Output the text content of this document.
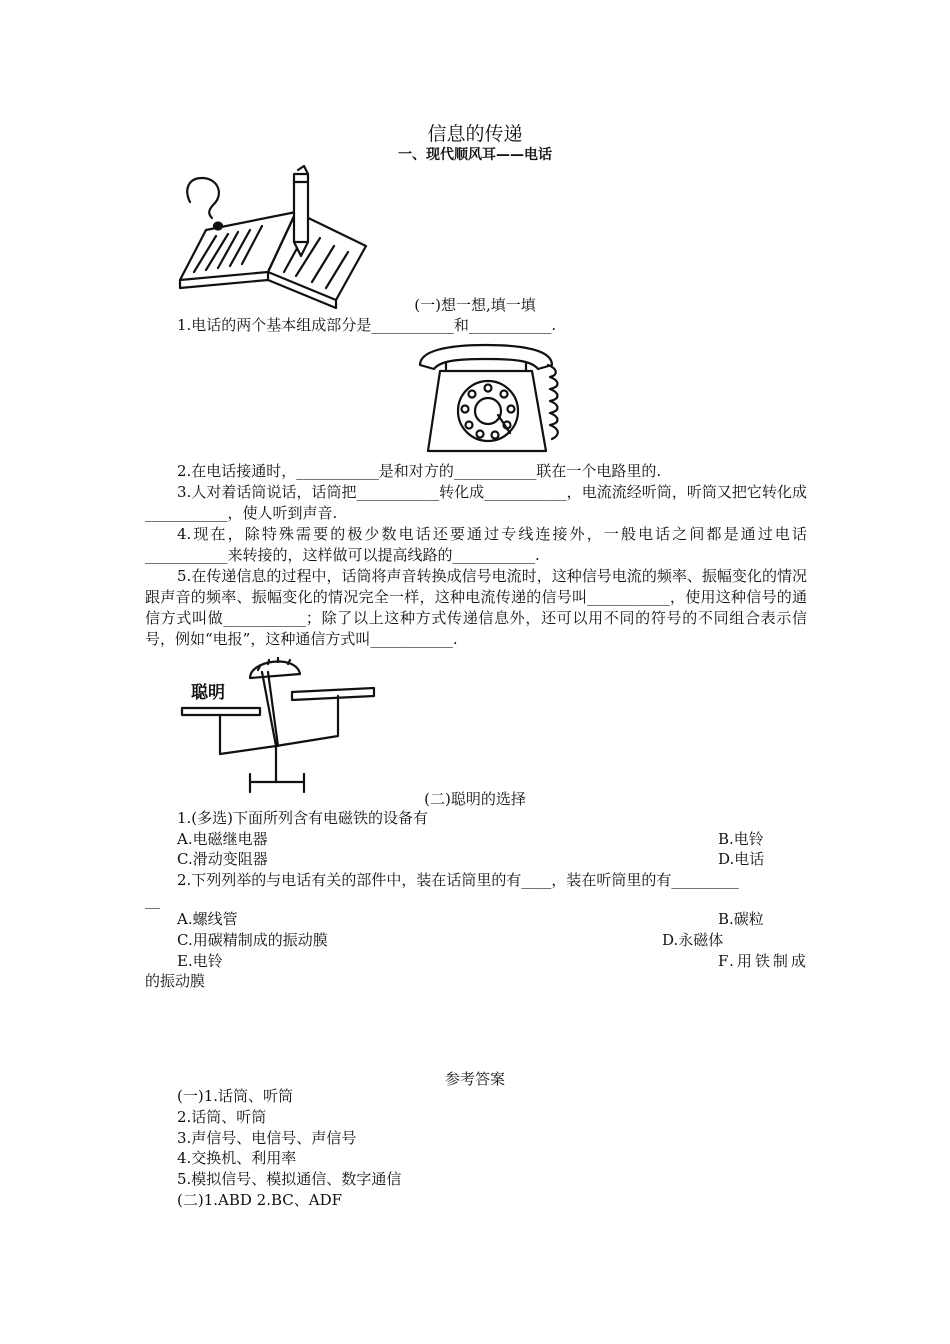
信息的传递
一、现代顺风耳——电话
(一)想一想,填一填
1.电话的两个基本组成部分是___________和___________.
2.在电话接通时，___________是和对方的___________联在一个电路里的.
3.人对着话筒说话，话筒把___________转化成___________，电流流经听筒，听筒又把它转化成___________，使人听到声音.
4.现在，除特殊需要的极少数电话还要通过专线连接外，一般电话之间都是通过电话___________来转接的，这样做可以提高线路的___________.
5.在传递信息的过程中，话筒将声音转换成信号电流时，这种信号电流的频率、振幅变化的情况跟声音的频率、振幅变化的情况完全一样，这种电流传递的信号叫___________，使用这种信号的通信方式叫做___________；除了以上这种方式传递信息外，还可以用不同的符号的不同组合表示信号，例如“电报”，这种通信方式叫___________.
聪明
(二)聪明的选择
1.(多选)下面所列含有电磁铁的设备有
A.电磁继电器	B.电铃
C.滑动变阻器	D.电话
2.下列列举的与电话有关的部件中，装在话筒里的有____，装在听筒里的有_________
__
A.螺线管	B.碳粒
C.用碳精制成的振动膜	D.永磁体
E.电铃	F.用铁制成
的振动膜
参考答案
(一)1.话筒、听筒
2.话筒、听筒
3.声信号、电信号、声信号
4.交换机、利用率
5.模拟信号、模拟通信、数字通信
(二)1.ABD 2.BC、ADF
